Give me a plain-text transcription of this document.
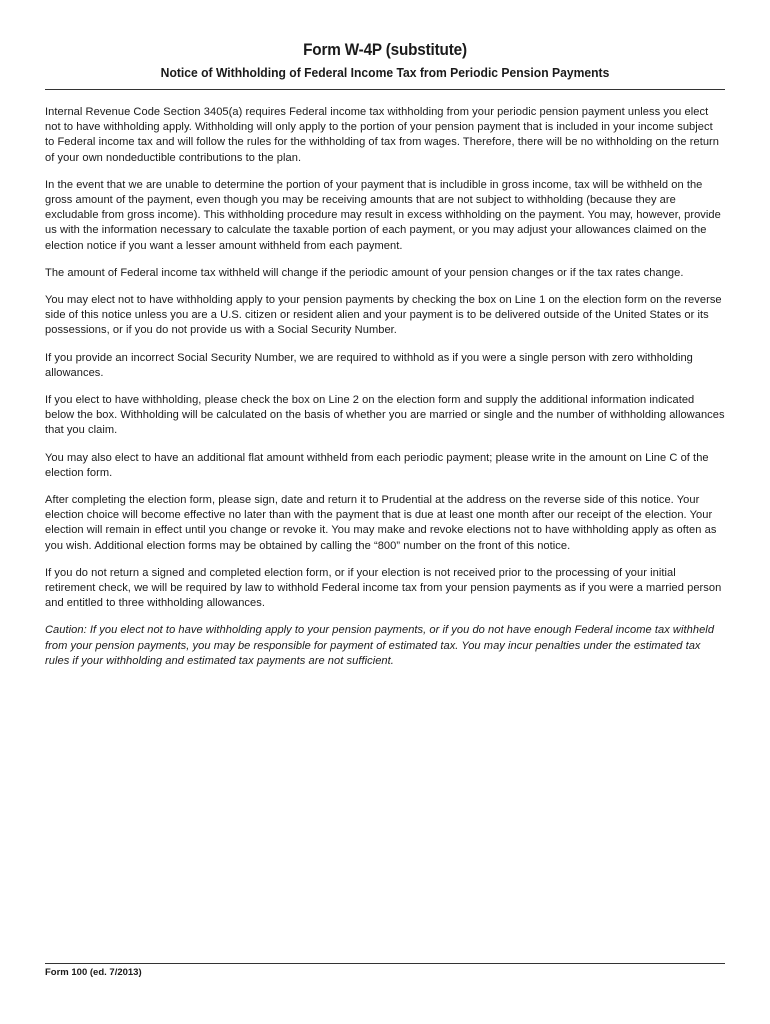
Form W-4P (substitute)
Notice of Withholding of Federal Income Tax from Periodic Pension Payments

Internal Revenue Code Section 3405(a) requires Federal income tax withholding from your periodic pension payment unless you elect not to have withholding apply. Withholding will only apply to the portion of your pension payment that is included in your income subject to Federal income tax and will follow the rules for the withholding of tax from wages. Therefore, there will be no withholding on the return of your own nondeductible contributions to the plan.

In the event that we are unable to determine the portion of your payment that is includible in gross income, tax will be withheld on the gross amount of the payment, even though you may be receiving amounts that are not subject to withholding (because they are excludable from gross income). This withholding procedure may result in excess withholding on the payment. You may, however, provide us with the information necessary to calculate the taxable portion of each payment, or you may adjust your allowances claimed on the election notice if you want a lesser amount withheld from each payment.

The amount of Federal income tax withheld will change if the periodic amount of your pension changes or if the tax rates change.

You may elect not to have withholding apply to your pension payments by checking the box on Line 1 on the election form on the reverse side of this notice unless you are a U.S. citizen or resident alien and your payment is to be delivered outside of the United States or its possessions, or if you do not provide us with a Social Security Number.

If you provide an incorrect Social Security Number, we are required to withhold as if you were a single person with zero withholding allowances.

If you elect to have withholding, please check the box on Line 2 on the election form and supply the additional information indicated below the box. Withholding will be calculated on the basis of whether you are married or single and the number of withholding allowances that you claim.

You may also elect to have an additional flat amount withheld from each periodic payment; please write in the amount on Line C of the election form.

After completing the election form, please sign, date and return it to Prudential at the address on the reverse side of this notice. Your election choice will become effective no later than with the payment that is due at least one month after our receipt of the election. Your election will remain in effect until you change or revoke it. You may make and revoke elections not to have withholding apply as often as you wish. Additional election forms may be obtained by calling the “800” number on the front of this notice.

If you do not return a signed and completed election form, or if your election is not received prior to the processing of your initial retirement check, we will be required by law to withhold Federal income tax from your pension payments as if you were a married person and entitled to three withholding allowances.

Caution: If you elect not to have withholding apply to your pension payments, or if you do not have enough Federal income tax withheld from your pension payments, you may be responsible for payment of estimated tax. You may incur penalties under the estimated tax rules if your withholding and estimated tax payments are not sufficient.

Form 100 (ed. 7/2013)
